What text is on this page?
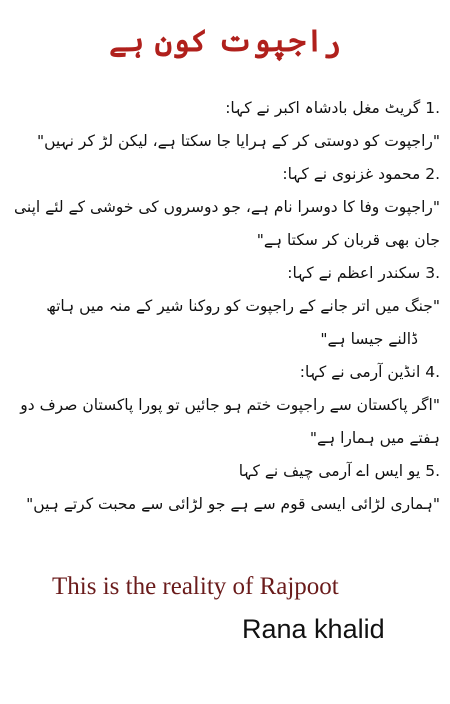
راجپوت کون ہے
1. گریٹ مغل بادشاہ اکبر نے کہا:
"راجپوت کو دوستی کر کے ہرایا جا سکتا ہے، لیکن لڑ کر نہیں"
2. محمود غزنوی نے کہا:
"راجپوت وفا کا دوسرا نام ہے، جو دوسروں کی خوشی کے لئے اپنی
جان بھی قربان کر سکتا ہے"
3. سکندر اعظم نے کہا:
"جنگ میں اتر جانے کے راجپوت کو روکنا شیر کے منہ میں ہاتھ
ڈالنے جیسا ہے"
4. انڈین آرمی نے کہا:
"اگر پاکستان سے راجپوت ختم ہو جائیں تو پورا پاکستان صرف دو
ہفتے میں ہمارا ہے"
5. یو ایس اے آرمی چیف نے کہا
"ہماری لڑائی ایسی قوم سے ہے جو لڑائی سے محبت کرتے ہیں"
This is the reality of Rajpoot
Rana khalid
